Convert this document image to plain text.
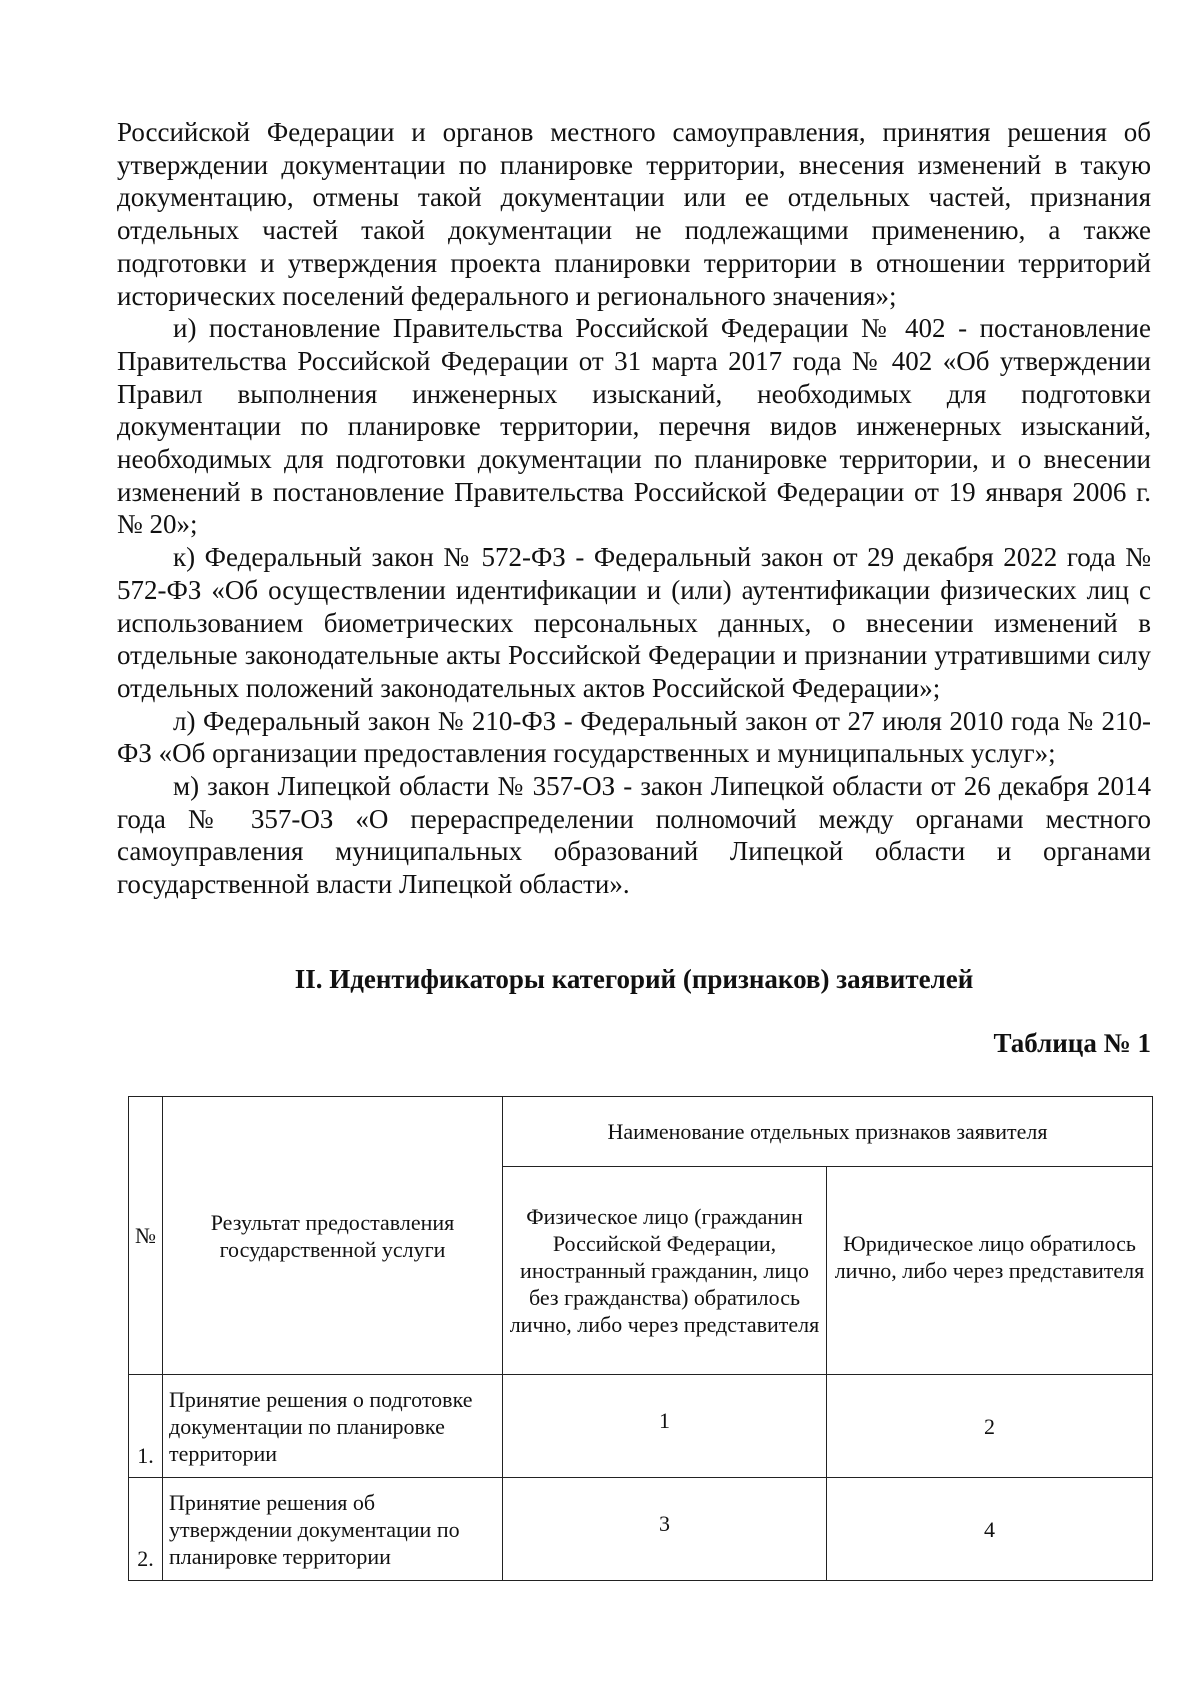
Российской Федерации и органов местного самоуправления, принятия решения об утверждении документации по планировке территории, внесения изменений в такую документацию, отмены такой документации или ее отдельных частей, признания отдельных частей такой документации не подлежащими применению, а также подготовки и утверждения проекта планировки территории в отношении территорий исторических поселений федерального и регионального значения»;

и) постановление Правительства Российской Федерации № 402 - постановление Правительства Российской Федерации от 31 марта 2017 года № 402 «Об утверждении Правил выполнения инженерных изысканий, необходимых для подготовки документации по планировке территории, перечня видов инженерных изысканий, необходимых для подготовки документации по планировке территории, и о внесении изменений в постановление Правительства Российской Федерации от 19 января 2006 г. № 20»;

к) Федеральный закон № 572-ФЗ - Федеральный закон от 29 декабря 2022 года № 572-ФЗ «Об осуществлении идентификации и (или) аутентификации физических лиц с использованием биометрических персональных данных, о внесении изменений в отдельные законодательные акты Российской Федерации и признании утратившими силу отдельных положений законодательных актов Российской Федерации»;

л) Федеральный закон № 210-ФЗ - Федеральный закон от 27 июля 2010 года № 210-ФЗ «Об организации предоставления государственных и муниципальных услуг»;

м) закон Липецкой области № 357-ОЗ - закон Липецкой области от 26 декабря 2014 года № 357-ОЗ «О перераспределении полномочий между органами местного самоуправления муниципальных образований Липецкой области и органами государственной власти Липецкой области».

II. Идентификаторы категорий (признаков) заявителей
Таблица № 1
№	Результат предоставления государственной услуги	Наименование отдельных признаков заявителя	

		Физическое лицо (гражданин Российской Федерации, иностранный гражданин, лицо без гражданства) обратилось лично, либо через представителя	Юридическое лицо обратилось лично, либо через представителя

1.	Принятие решения о подготовке документации по планировке территории	1	2
2.	Принятие решения об утверждении документации по планировке территории	3	4
